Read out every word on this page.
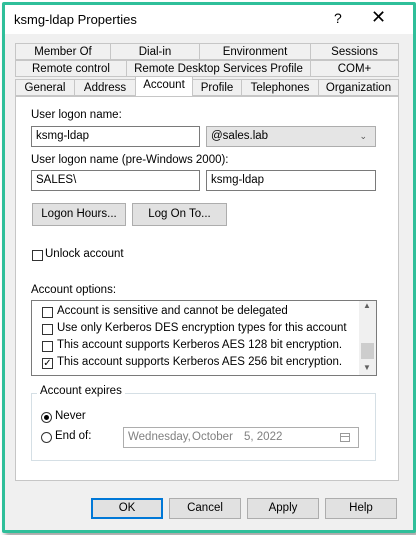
ksmg-ldap Properties	? ✕
Member Of	Dial-in	Environment	Sessions
Remote control	Remote Desktop Services Profile	COM+
General	Address	Account	Profile	Telephones	Organization
User logon name:
ksmg-ldap	@sales.lab	⌄
User logon name (pre-Windows 2000):
SALES\	ksmg-ldap
Logon Hours...	Log On To...
Unlock account
Account options:
Account is sensitive and cannot be delegated
Use only Kerberos DES encryption types for this account
This account supports Kerberos AES 128 bit encryption.
✓ This account supports Kerberos AES 256 bit encryption.
▲
▼
Account expires
Never
End of:	Wednesday, October 5, 2022
OK	Cancel	Apply	Help
